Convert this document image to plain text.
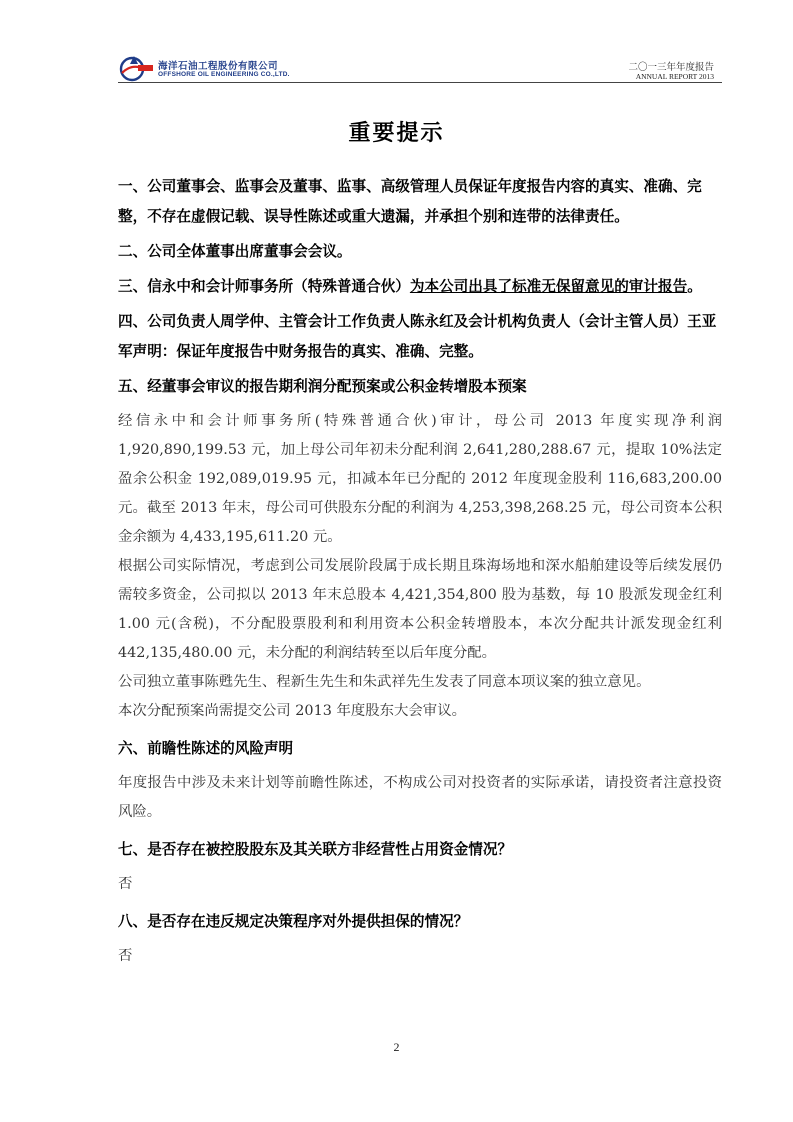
海洋石油工程股份有限公司
OFFSHORE OIL ENGINEERING CO.,LTD.
二〇一三年年度报告
ANNUAL REPORT 2013
重要提示

一、公司董事会、监事会及董事、监事、高级管理人员保证年度报告内容的真实、准确、完整，不存在虚假记载、误导性陈述或重大遗漏，并承担个别和连带的法律责任。

二、公司全体董事出席董事会会议。

三、信永中和会计师事务所（特殊普通合伙）为本公司出具了标准无保留意见的审计报告。

四、公司负责人周学仲、主管会计工作负责人陈永红及会计机构负责人（会计主管人员）王亚军声明：保证年度报告中财务报告的真实、准确、完整。

五、经董事会审议的报告期利润分配预案或公积金转增股本预案

经信永中和会计师事务所(特殊普通合伙)审计，母公司 2013 年度实现净利润 1,920,890,199.53 元，加上母公司年初未分配利润 2,641,280,288.67 元，提取 10%法定盈余公积金 192,089,019.95 元，扣减本年已分配的 2012 年度现金股利 116,683,200.00 元。截至 2013 年末，母公司可供股东分配的利润为 4,253,398,268.25 元，母公司资本公积金余额为 4,433,195,611.20 元。

根据公司实际情况，考虑到公司发展阶段属于成长期且珠海场地和深水船舶建设等后续发展仍需较多资金，公司拟以 2013 年末总股本 4,421,354,800 股为基数，每 10 股派发现金红利 1.00 元(含税)，不分配股票股利和利用资本公积金转增股本，本次分配共计派发现金红利 442,135,480.00 元，未分配的利润结转至以后年度分配。

公司独立董事陈甦先生、程新生先生和朱武祥先生发表了同意本项议案的独立意见。

本次分配预案尚需提交公司 2013 年度股东大会审议。

六、前瞻性陈述的风险声明

年度报告中涉及未来计划等前瞻性陈述，不构成公司对投资者的实际承诺，请投资者注意投资风险。

七、是否存在被控股股东及其关联方非经营性占用资金情况？

否

八、是否存在违反规定决策程序对外提供担保的情况？

否

2
